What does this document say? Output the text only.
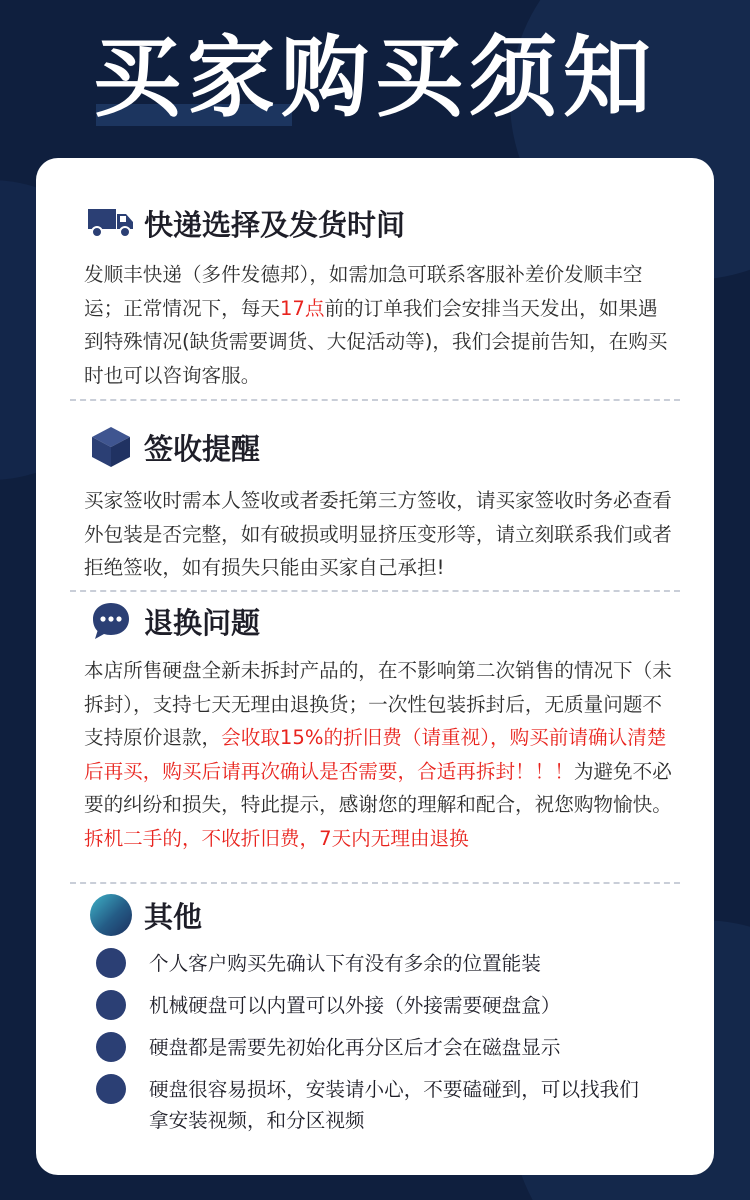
买家购买须知
快递选择及发货时间
发顺丰快递（多件发德邦），如需加急可联系客服补差价发顺丰空运；正常情况下，每天17点前的订单我们会安排当天发出，如果遇到特殊情况(缺货需要调货、大促活动等)，我们会提前告知，在购买时也可以咨询客服。
签收提醒
买家签收时需本人签收或者委托第三方签收，请买家签收时务必查看外包装是否完整，如有破损或明显挤压变形等，请立刻联系我们或者拒绝签收，如有损失只能由买家自己承担!
退换问题
本店所售硬盘全新未拆封产品的，在不影响第二次销售的情况下（未拆封），支持七天无理由退换货；一次性包装拆封后，无质量问题不支持原价退款，会收取15%的折旧费（请重视），购买前请确认清楚后再买，购买后请再次确认是否需要，合适再拆封！！！为避免不必要的纠纷和损失，特此提示，感谢您的理解和配合，祝您购物愉快。
拆机二手的，不收折旧费，7天内无理由退换
其他
个人客户购买先确认下有没有多余的位置能装
机械硬盘可以内置可以外接（外接需要硬盘盒）
硬盘都是需要先初始化再分区后才会在磁盘显示
硬盘很容易损坏，安装请小心，不要磕碰到，可以找我们拿安装视频，和分区视频
